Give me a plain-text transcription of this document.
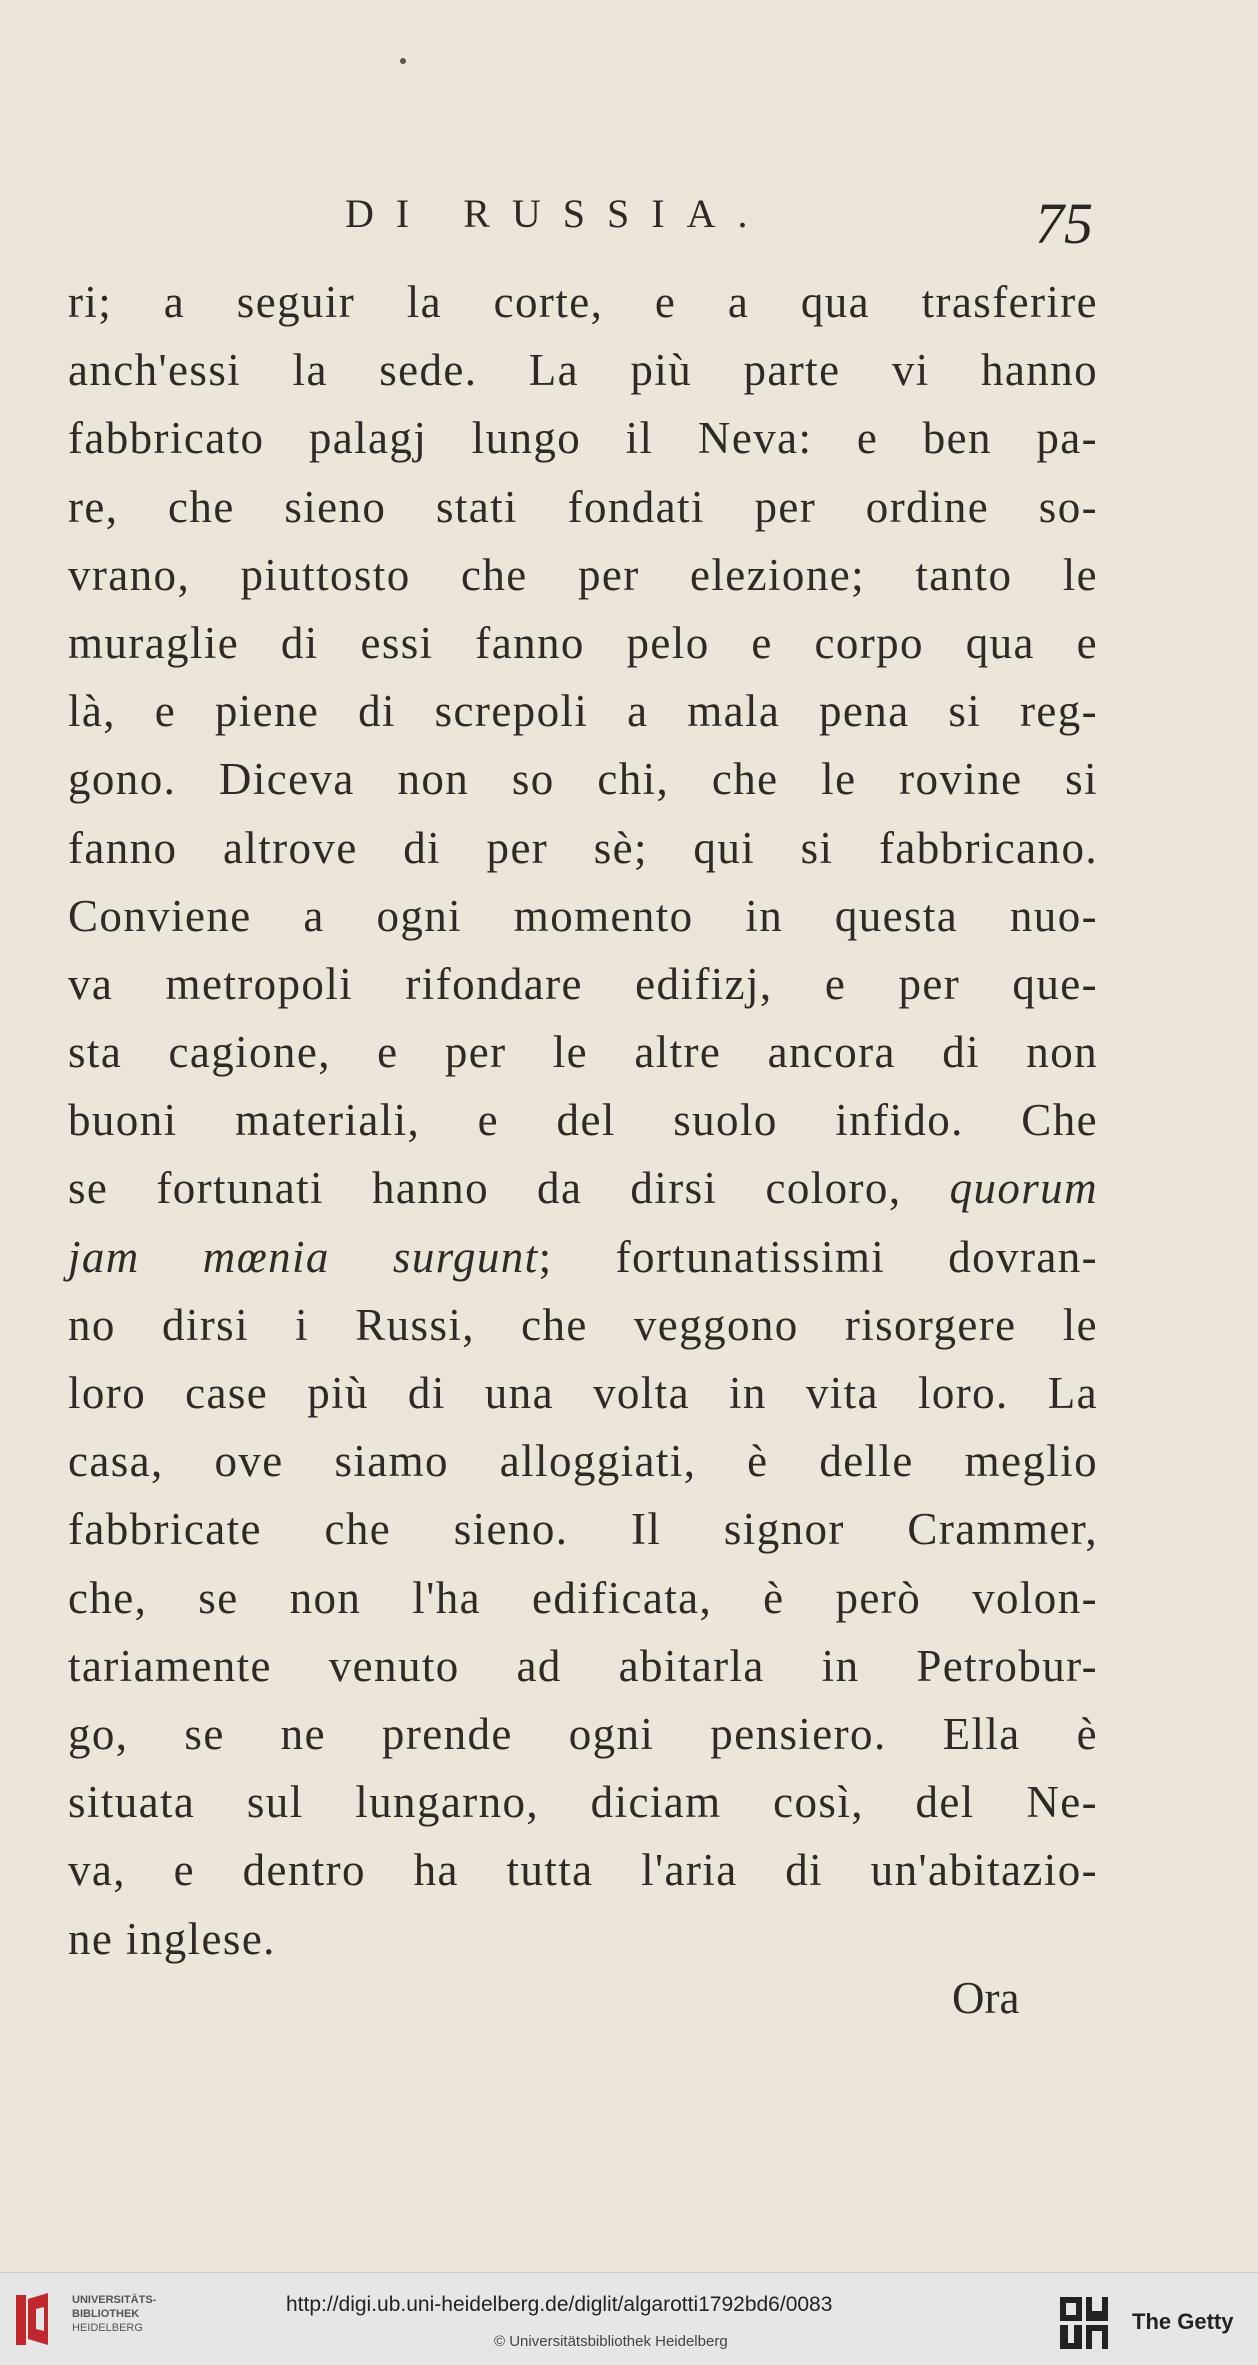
DI RUSSIA.	75
ri; a seguir la corte, e a qua trasferire
anch'essi la sede. La più parte vi hanno
fabbricato palagj lungo il Neva: e ben pa-
re, che sieno stati fondati per ordine so-
vrano, piuttosto che per elezione; tanto le
muraglie di essi fanno pelo e corpo qua e
là, e piene di screpoli a mala pena si reg-
gono. Diceva non so chi, che le rovine si
fanno altrove di per sè; qui si fabbricano.
Conviene a ogni momento in questa nuo-
va metropoli rifondare edifizj, e per que-
sta cagione, e per le altre ancora di non
buoni materiali, e del suolo infido. Che
se fortunati hanno da dirsi coloro, quorum
jam mœnia surgunt; fortunatissimi dovran-
no dirsi i Russi, che veggono risorgere le
loro case più di una volta in vita loro. La
casa, ove siamo alloggiati, è delle meglio
fabbricate che sieno. Il signor Crammer,
che, se non l'ha edificata, è però volon-
tariamente venuto ad abitarla in Petrobur-
go, se ne prende ogni pensiero. Ella è
situata sul lungarno, diciam così, del Ne-
va, e dentro ha tutta l'aria di un'abitazio-
ne inglese.
Ora
UNIVERSITÄTS-
BIBLIOTHEK
HEIDELBERG
http://digi.ub.uni-heidelberg.de/diglit/algarotti1792bd6/0083
© Universitätsbibliothek Heidelberg
The Getty
